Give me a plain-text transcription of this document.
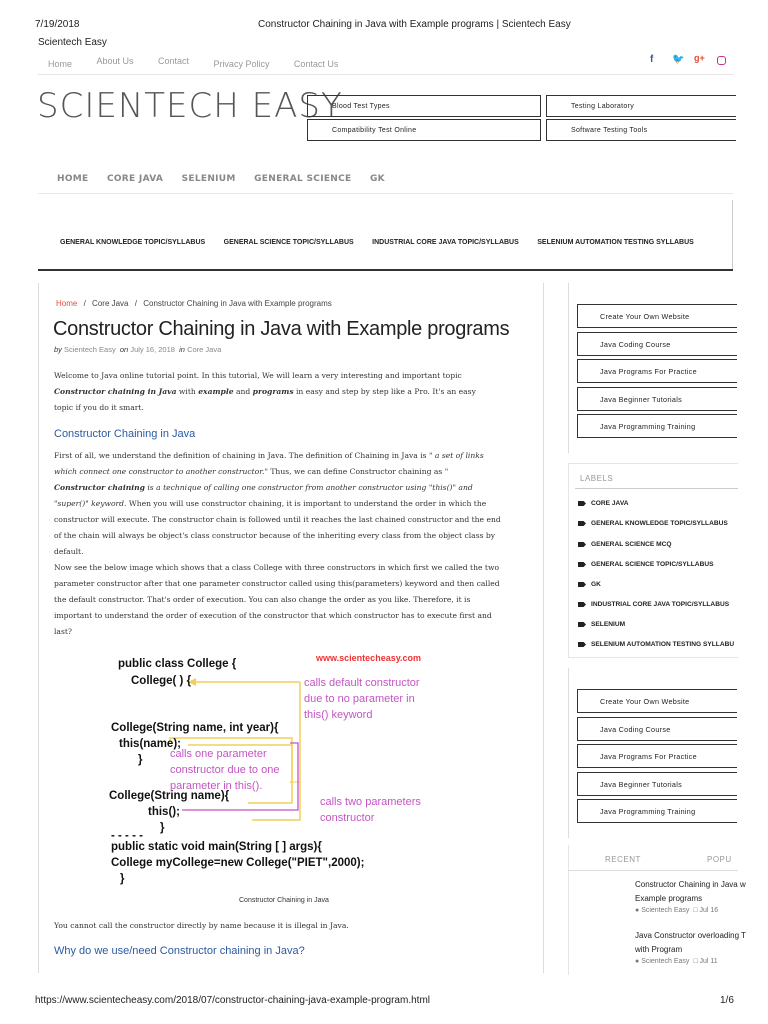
7/19/2018	Constructor Chaining in Java with Example programs | Scientech Easy
Scientech Easy
Home	About Us	Contact	Privacy Policy	Contact Us	f 🐦 g+
SCIENTECH EASY
Blood Test Types	Testing Laboratory
Compatibility Test Online	Software Testing Tools
HOME CORE JAVA SELENIUM GENERAL SCIENCE GK
GENERAL KNOWLEDGE TOPIC/SYLLABUS	GENERAL SCIENCE TOPIC/SYLLABUS	INDUSTRIAL CORE JAVA TOPIC/SYLLABUS	SELENIUM AUTOMATION TESTING SYLLABUS
Home / Core Java / Constructor Chaining in Java with Example programs
Constructor Chaining in Java with Example programs
by Scientech Easy on July 16, 2018 in Core Java
Welcome to Java online tutorial point. In this tutorial, We will learn a very interesting and important topic
Constructor chaining in Java with example and programs in easy and step by step like a Pro. It's an easy
topic if you do it smart.
Constructor Chaining in Java
First of all, we understand the definition of chaining in Java. The definition of Chaining in Java is " a set of links
which connect one constructor to another constructor." Thus, we can define Constructor chaining as "
Constructor chaining is a technique of calling one constructor from another constructor using "this()" and
"super()" keyword. When you will use constructor chaining, it is important to understand the order in which the
constructor will execute. The constructor chain is followed until it reaches the last chained constructor and the end
of the chain will always be object's class constructor because of the inheriting every class from the object class by
default.
Now see the below image which shows that a class College with three constructors in which first we called the two
parameter constructor after that one parameter constructor called using this(parameters) keyword and then called
the default constructor. That's order of execution. You can also change the order as you like. Therefore, it is
important to understand the order of execution of the constructor that which constructor has to execute first and
last?
www.scientecheasy.com
public class College {
College( ) {
College(String name, int year){
this(name);
}
College(String name){
this();
}
- - - - -
public static void main(String [ ] args){
College myCollege=new College("PIET",2000);
}
calls default constructor
due to no parameter in
this() keyword
calls one parameter
constructor due to one
parameter in this().
calls two parameters
constructor
Constructor Chaining in Java
You cannot call the constructor directly by name because it is illegal in Java.
Why do we use/need Constructor chaining in Java?
Create Your Own Website
Java Coding Course
Java Programs For Practice
Java Beginner Tutorials
Java Programming Training
LABELS
CORE JAVA
GENERAL KNOWLEDGE TOPIC/SYLLABUS
GENERAL SCIENCE MCQ
GENERAL SCIENCE TOPIC/SYLLABUS
GK
INDUSTRIAL CORE JAVA TOPIC/SYLLABUS
SELENIUM
SELENIUM AUTOMATION TESTING SYLLABU
Create Your Own Website
Java Coding Course
Java Programs For Practice
Java Beginner Tutorials
Java Programming Training
RECENT	POPU
Constructor Chaining in Java w
Example programs
● Scientech Easy □ Jul 16
Java Constructor overloading T
with Program
● Scientech Easy □ Jul 11
https://www.scientecheasy.com/2018/07/constructor-chaining-java-example-program.html	1/6
